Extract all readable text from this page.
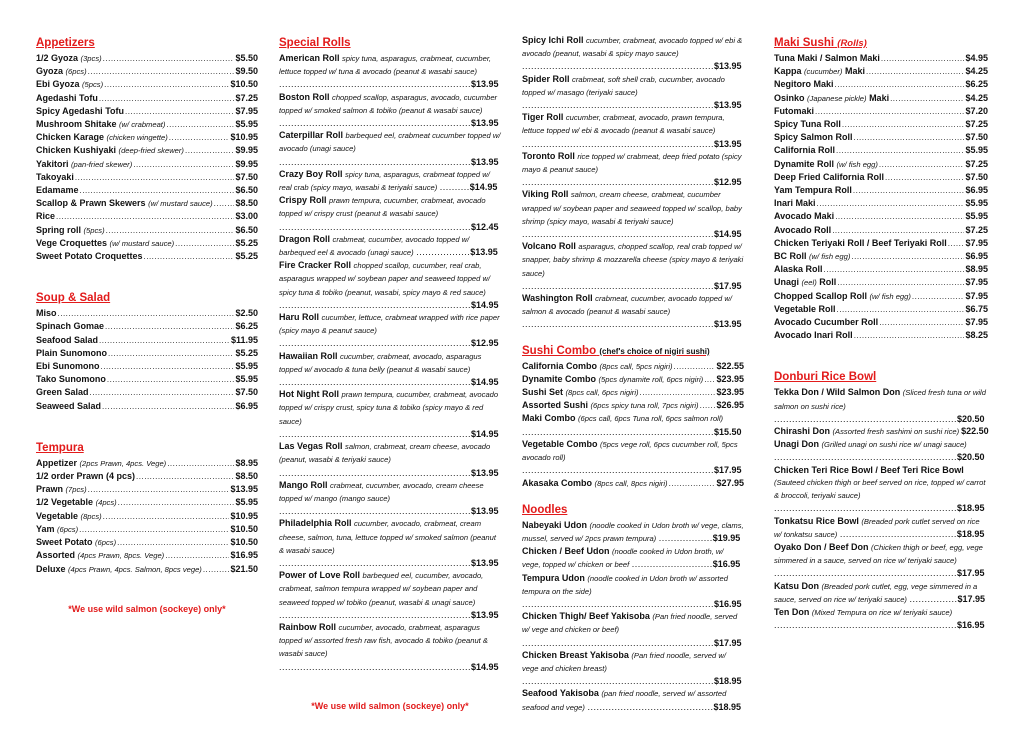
Appetizers
1/2 Gyoza
(3pcs) .....	$5.50
Gyoza
(6pcs) .....	$9.50
Ebi Gyoza
(5pcs) .....	$10.50
Agedashi Tofu .....	$7.25
Spicy Agedashi Tofu .....	$7.95
Mushroom Shitake
(w/ crabmeat) .....	$5.95
Chicken Karage
(chicken wingette) .....	$10.95
Chicken Kushiyaki
(deep-fried skewer) .....	$9.95
Yakitori
(pan-fried skewer) .....	$9.95
Takoyaki .....	$7.50
Edamame .....	$6.50
Scallop & Prawn Skewers
(w/ mustard sauce) .....	$8.50
Rice .....	$3.00
Spring roll
(5pcs) .....	$6.50
Vege Croquettes
(w/ mustard sauce) .....	$5.25
Sweet Potato Croquettes .....	$5.25
Soup & Salad
Miso .....	$2.50
Spinach Gomae .....	$6.25
Seafood Salad .....	$11.95
Plain Sunomono .....	$5.25
Ebi Sunomono .....	$5.95
Tako Sunomono .....	$5.95
Green Salad .....	$7.50
Seaweed Salad .....	$6.95
Tempura
Appetizer
(2pcs Prawn, 4pcs. Vege) .....	$8.95
1/2 order Prawn (4 pcs) .....	$8.50
Prawn
(7pcs) .....	$13.95
1/2 Vegetable
(4pcs) .....	$5.95
Vegetable
(8pcs) .....	$10.95
Yam
(6pcs) .....	$10.50
Sweet Potato
(6pcs) .....	$10.50
Assorted
(4pcs Prawn, 8pcs. Vege) .....	$16.95
Deluxe
(4pcs Prawn, 4pcs. Salmon, 8pcs vege) .....	$21.50
*We use wild salmon (sockeye) only*
Special Rolls
American Roll spicy tuna, asparagus, crabmeat, cucumber, lettuce topped w/ tuna & avocado (peanut & wasabi sauce) ................................................................$13.95
Boston Roll chopped scallop, asparagus, avocado, cucumber topped w/ smoked salmon & tobiko (peanut & wasabi sauce) ................................................................$13.95
Caterpillar Roll barbequed eel, crabmeat cucumber topped w/ avocado (unagi sauce) ................................................................$13.95
Crazy Boy Roll spicy tuna, asparagus, crabmeat topped w/ real crab (spicy mayo, wasabi & teriyaki sauce) ..........$14.95
Crispy Roll prawn tempura, cucumber, crabmeat, avocado topped w/ crispy crust (peanut & wasabi sauce) ................................................................$12.45
Dragon Roll crabmeat, cucumber, avocado topped w/ barbequed eel & avocado (unagi sauce) ..................$13.95
Fire Cracker Roll chopped scallop, cucumber, real crab, asparagus wrapped w/ soybean paper and seaweed topped w/ spicy tuna & tobiko (peanut, wasabi, spicy mayo & red sauce) ................................................................$14.95
Haru Roll cucumber, lettuce, crabmeat wrapped with rice paper (spicy mayo & peanut sauce) ................................................................$12.95
Hawaiian Roll cucumber, crabmeat, avocado, asparagus topped w/ avocado & tuna belly (peanut & wasabi sauce) ................................................................$14.95
Hot Night Roll prawn tempura, cucumber, crabmeat, avocado topped w/ crispy crust, spicy tuna & tobiko (spicy mayo & red sauce) ................................................................$14.95
Las Vegas Roll salmon, crabmeat, cream cheese, avocado (peanut, wasabi & teriyaki sauce) ................................................................$13.95
Mango Roll crabmeat, cucumber, avocado, cream cheese topped w/ mango (mango sauce) ................................................................$13.95
Philadelphia Roll cucumber, avocado, crabmeat, cream cheese, salmon, tuna, lettuce topped w/ smoked salmon (peanut & wasabi sauce) ................................................................$13.95
Power of Love Roll barbequed eel, cucumber, avocado, crabmeat, salmon tempura wrapped w/ soybean paper and seaweed topped w/ tobiko (peanut, wasabi & unagi sauce) ................................................................$13.95
Rainbow Roll cucumber, avocado, crabmeat, asparagus topped w/ assorted fresh raw fish, avocado & tobiko (peanut & wasabi sauce) ................................................................$14.95
*We use wild salmon (sockeye) only*
Spicy Ichi Roll cucumber, crabmeat, avocado topped w/ ebi & avocado (peanut, wasabi & spicy mayo sauce) ................................................................$13.95
Spider Roll crabmeat, soft shell crab, cucumber, avocado topped w/ masago (teriyaki sauce) ................................................................$13.95
Tiger Roll cucumber, crabmeat, avocado, prawn tempura, lettuce topped w/ ebi & avocado (peanut & wasabi sauce) ................................................................$13.95
Toronto Roll rice topped w/ crabmeat, deep fried potato (spicy mayo & peanut sauce) ................................................................$12.95
Viking Roll salmon, cream cheese, crabmeat, cucumber wrapped w/ soybean paper and seaweed topped w/ scallop, baby shrimp (spicy mayo, wasabi & teriyaki sauce) ................................................................$14.95
Volcano Roll asparagus, chopped scallop, real crab topped w/ snapper, baby shrimp & mozzarella cheese (spicy mayo & teriyaki sauce) ................................................................$17.95
Washington Roll crabmeat, cucumber, avocado topped w/ salmon & avocado (peanut & wasabi sauce) ................................................................$13.95
Sushi Combo (chef's choice of nigiri sushi)
California Combo
(8pcs call, 5pcs nigiri) .....	$22.55
Dynamite Combo
(5pcs dynamite roll, 6pcs nigiri) ..... $23.95
Sushi Set
(8pcs call, 6pcs nigiri) .....	$23.95
Assorted Sushi
(6pcs spicy tuna roll, 7pcs nigiri) ..... $26.95
Maki Combo (6pcs call, 6pcs Tuna roll, 6pcs salmon roll) ................................................................$15.50
Vegetable Combo (5pcs vege roll, 6pcs cucumber roll, 5pcs avocado roll) ................................................................$17.95
Akasaka Combo
(8pcs call, 8pcs nigiri) .....	$27.95
Noodles
Nabeyaki Udon (noodle cooked in Udon broth w/ vege, clams, mussel, served w/ 2pcs prawn tempura) ..................$19.95
Chicken / Beef Udon (noodle cooked in Udon broth, w/ vege, topped w/ chicken or beef ...........................$16.95
Tempura Udon (noodle cooked in Udon broth w/ assorted tempura on the side) ................................................................$16.95
Chicken Thigh/ Beef Yakisoba (Pan fried noodle, served w/ vege and chicken or beef) ................................................................$17.95
Chicken Breast Yakisoba (Pan fried noodle, served w/ vege and chicken breast) ................................................................$18.95
Seafood Yakisoba (pan fried noodle, served w/ assorted seafood and vege) ..........................................$18.95
Maki Sushi (Rolls)
Tuna Maki / Salmon Maki .....	$4.95
Kappa
(cucumber)
Maki .....	$4.25
Negitoro Maki .....	$6.25
Osinko
(Japanese pickle)
Maki .....	$4.25
Futomaki .....	$7.20
Spicy Tuna Roll .....	$7.25
Spicy Salmon Roll .....	$7.50
California Roll .....	$5.95
Dynamite Roll
(w/ fish egg) .....	$7.25
Deep Fried California Roll .....	$7.50
Yam Tempura Roll .....	$6.95
Inari Maki .....	$5.95
Avocado Maki .....	$5.95
Avocado Roll .....	$7.25
Chicken Teriyaki Roll / Beef Teriyaki Roll ..... $7.95
BC Roll
(w/ fish egg) .....	$6.95
Alaska Roll .....	$8.95
Unagi
(eel)
Roll .....	$7.95
Chopped Scallop Roll
(w/ fish egg) .....	$7.95
Vegetable Roll .....	$6.75
Avocado Cucumber Roll .....	$7.95
Avocado Inari Roll .....	$8.25
Donburi Rice Bowl
Tekka Don / Wild Salmon Don (Sliced fresh tuna or wild salmon on sushi rice) .............................................................$20.50
Chirashi Don
(Assorted fresh sashimi on sushi rice) $22.50
Unagi Don (Grilled unagi on sushi rice w/ unagi sauce) .............................................................$20.50
Chicken Teri Rice Bowl / Beef Teri Rice Bowl (Sauteed chicken thigh or beef served on rice, topped w/ carrot & broccoli, teriyaki sauce) .............................................................$18.95
Tonkatsu Rice Bowl (Breaded pork cutlet served on rice w/ tonkatsu sauce) .......................................$18.95
Oyako Don / Beef Don (Chicken thigh or beef, egg, vege simmered in a sauce, served on rice w/ teriyaki sauce) .............................................................$17.95
Katsu Don (Breaded pork cutlet, egg, vege simmered in a sauce, served on rice w/ teriyaki sauce) ................$17.95
Ten Don (Mixed Tempura on rice w/ teriyaki sauce) .............................................................$16.95
